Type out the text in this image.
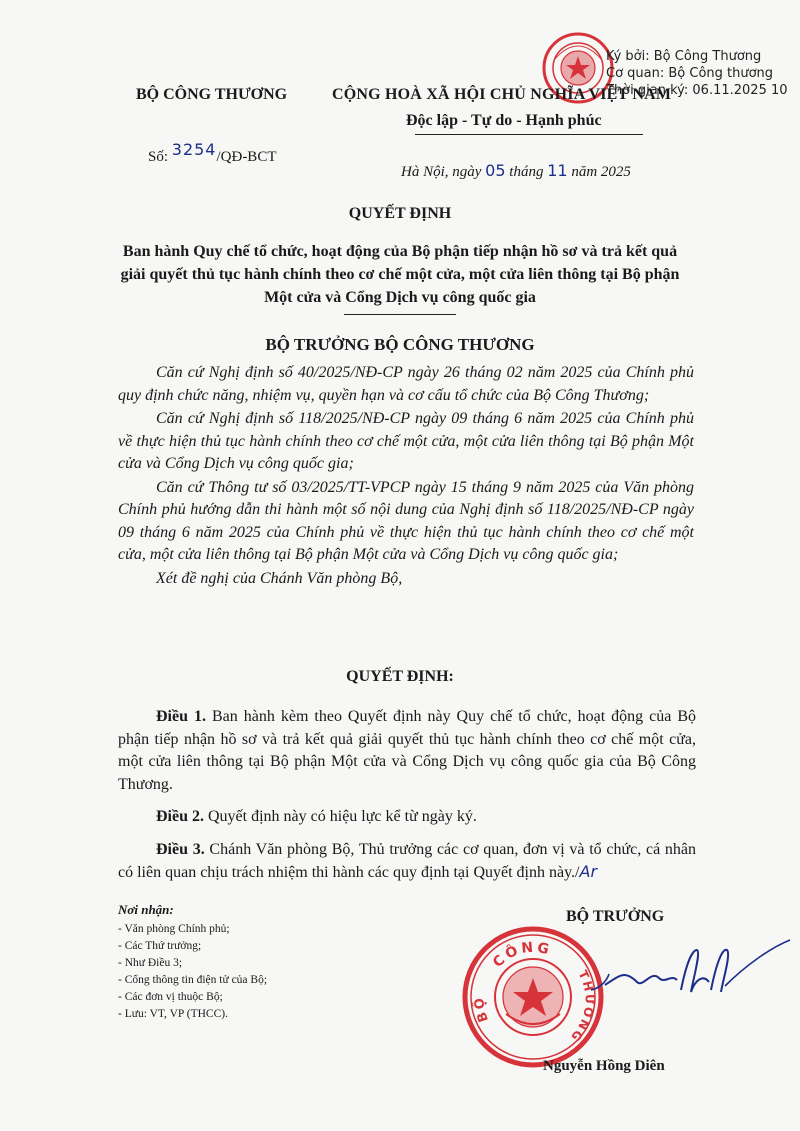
Ký bởi: Bộ Công Thương
Cơ quan: Bộ Công thương
Thời gian ký: 06.11.2025 10
BỘ CÔNG THƯƠNG	CỘNG HOÀ XÃ HỘI CHỦ NGHĨA VIỆT NAM
Độc lập - Tự do - Hạnh phúc
Số: 3254/QĐ-BCT
Hà Nội, ngày 05 tháng 11 năm 2025
QUYẾT ĐỊNH
Ban hành Quy chế tổ chức, hoạt động của Bộ phận tiếp nhận hồ sơ và trả kết quả giải quyết thủ tục hành chính theo cơ chế một cửa, một cửa liên thông tại Bộ phận Một cửa và Cổng Dịch vụ công quốc gia
BỘ TRƯỞNG BỘ CÔNG THƯƠNG

Căn cứ Nghị định số 40/2025/NĐ-CP ngày 26 tháng 02 năm 2025 của Chính phủ quy định chức năng, nhiệm vụ, quyền hạn và cơ cấu tổ chức của Bộ Công Thương;

Căn cứ Nghị định số 118/2025/NĐ-CP ngày 09 tháng 6 năm 2025 của Chính phủ về thực hiện thủ tục hành chính theo cơ chế một cửa, một cửa liên thông tại Bộ phận Một cửa và Cổng Dịch vụ công quốc gia;

Căn cứ Thông tư số 03/2025/TT-VPCP ngày 15 tháng 9 năm 2025 của Văn phòng Chính phủ hướng dẫn thi hành một số nội dung của Nghị định số 118/2025/NĐ-CP ngày 09 tháng 6 năm 2025 của Chính phủ về thực hiện thủ tục hành chính theo cơ chế một cửa, một cửa liên thông tại Bộ phận Một cửa và Cổng Dịch vụ công quốc gia;

Xét đề nghị của Chánh Văn phòng Bộ,

QUYẾT ĐỊNH:

Điều 1. Ban hành kèm theo Quyết định này Quy chế tổ chức, hoạt động của Bộ phận tiếp nhận hồ sơ và trả kết quả giải quyết thủ tục hành chính theo cơ chế một cửa, một cửa liên thông tại Bộ phận Một cửa và Cổng Dịch vụ công quốc gia của Bộ Công Thương.

Điều 2. Quyết định này có hiệu lực kể từ ngày ký.

Điều 3. Chánh Văn phòng Bộ, Thủ trưởng các cơ quan, đơn vị và tổ chức, cá nhân có liên quan chịu trách nhiệm thi hành các quy định tại Quyết định này./Ar

Nơi nhận:
- Văn phòng Chính phủ;
- Các Thứ trưởng;
- Như Điều 3;
- Cổng thông tin điện tử của Bộ;
- Các đơn vị thuộc Bộ;
- Lưu: VT, VP (THCC).
BỘ TRƯỞNG
CÔNG
BỘ
THƯƠNG
Nguyễn Hồng Diên
